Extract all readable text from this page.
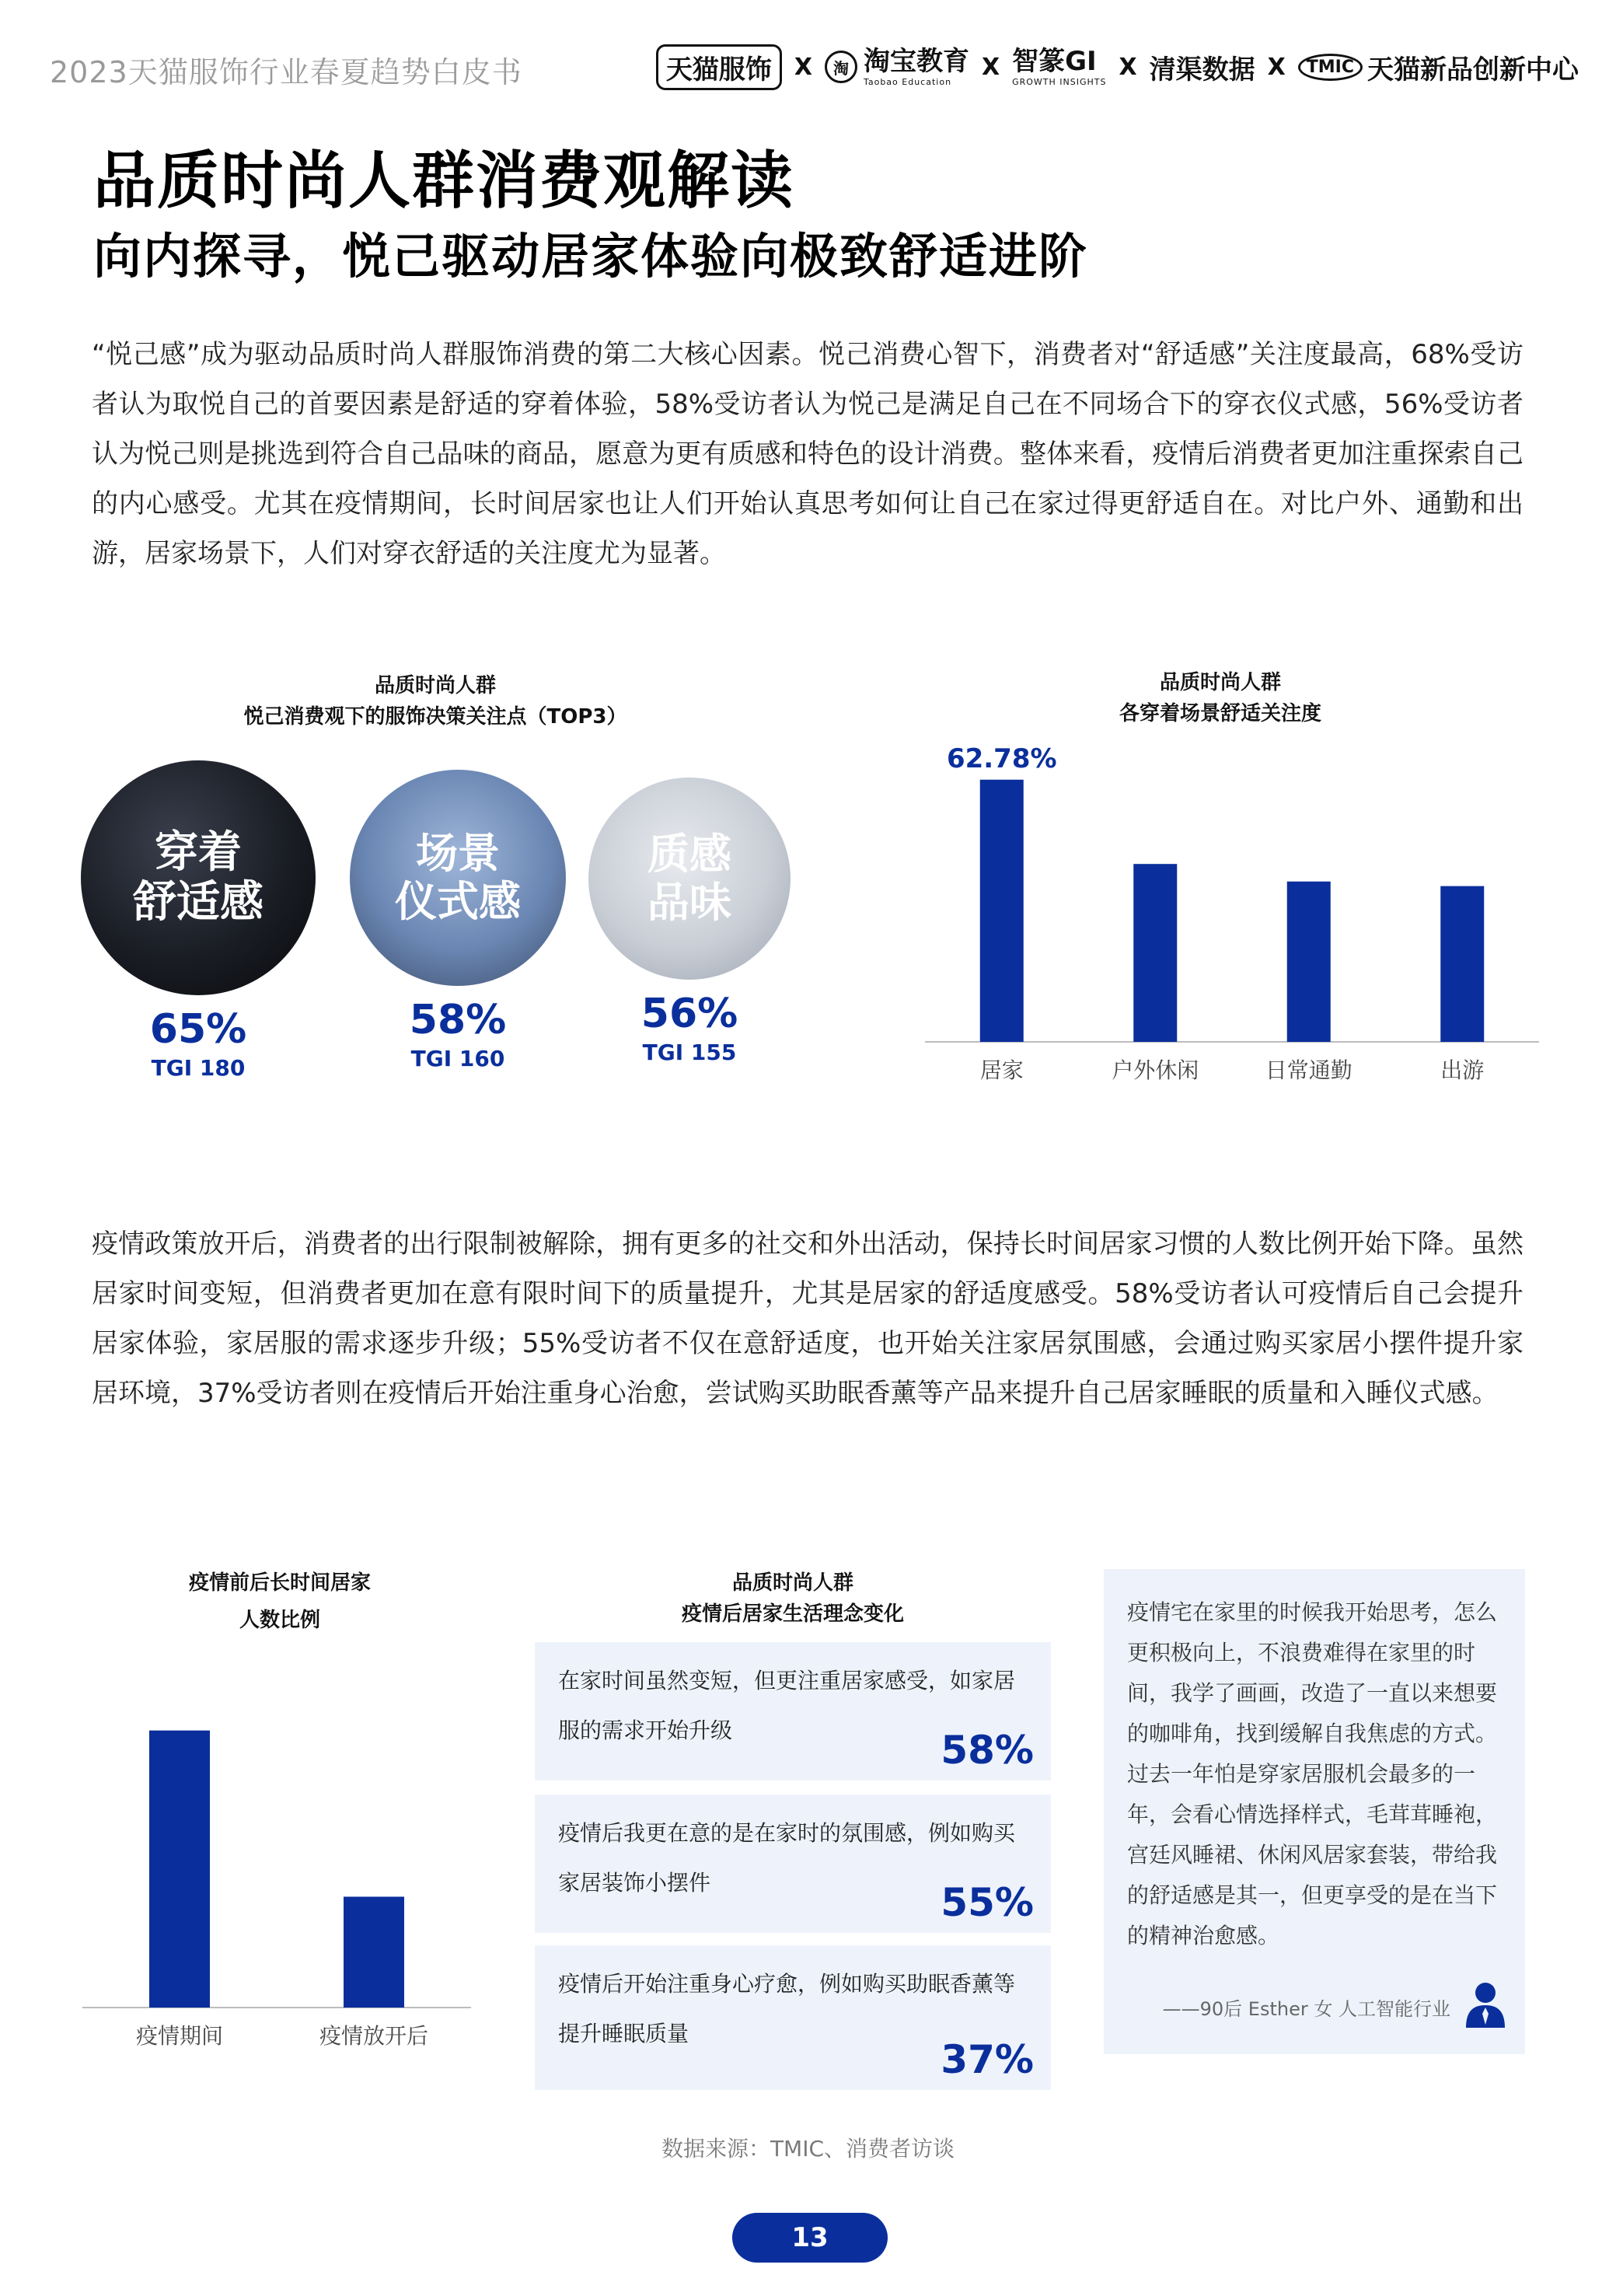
2023天猫服饰行业春夏趋势白皮书	天猫服饰 X	淘 淘宝教育
Taobao Education
X 智篆GI
GROWTH INSIGHTS
X 清渠数据 X	TMIC 天猫新品创新中心
品质时尚人群消费观解读
向内探寻，悦己驱动居家体验向极致舒适进阶

“悦己感”成为驱动品质时尚人群服饰消费的第二大核心因素。悦己消费心智下，消费者对“舒适感”关注度最高，68%受访者认为取悦自己的首要因素是舒适的穿着体验，58%受访者认为悦己是满足自己在不同场合下的穿衣仪式感，56%受访者认为悦己则是挑选到符合自己品味的商品，愿意为更有质感和特色的设计消费。整体来看，疫情后消费者更加注重探索自己的内心感受。尤其在疫情期间，长时间居家也让人们开始认真思考如何让自己在家过得更舒适自在。对比户外、通勤和出游，居家场景下，人们对穿衣舒适的关注度尤为显著。

品质时尚人群
悦己消费观下的服饰决策关注点（TOP3）
穿着
舒适感
65%
TGI 180
场景
仪式感
58%
TGI 160
质感
品味
56%
TGI 155
品质时尚人群
各穿着场景舒适关注度
居家
62.78%
户外休闲	日常通勤	出游

疫情政策放开后，消费者的出行限制被解除，拥有更多的社交和外出活动，保持长时间居家习惯的人数比例开始下降。虽然居家时间变短，但消费者更加在意有限时间下的质量提升，尤其是居家的舒适度感受。58%受访者认可疫情后自己会提升居家体验，家居服的需求逐步升级；55%受访者不仅在意舒适度，也开始关注家居氛围感，会通过购买家居小摆件提升家居环境，37%受访者则在疫情后开始注重身心治愈，尝试购买助眠香薰等产品来提升自己居家睡眠的质量和入睡仪式感。

疫情前后长时间居家
人数比例
疫情期间	疫情放开后
品质时尚人群
疫情后居家生活理念变化
在家时间虽然变短，但更注重居家感受，如家居服的需求开始升级	58%
疫情后我更在意的是在家时的氛围感，例如购买家居装饰小摆件	55%
疫情后开始注重身心疗愈，例如购买助眠香薰等提升睡眠质量
37%
疫情宅在家里的时候我开始思考，怎么更积极向上，不浪费难得在家里的时间，我学了画画，改造了一直以来想要的咖啡角，找到缓解自我焦虑的方式。过去一年怕是穿家居服机会最多的一年，会看心情选择样式，毛茸茸睡袍，宫廷风睡裙、休闲风居家套装，带给我的舒适感是其一，但更享受的是在当下的精神治愈感。
——90后 Esther 女 人工智能行业
数据来源：TMIC、消费者访谈
13
